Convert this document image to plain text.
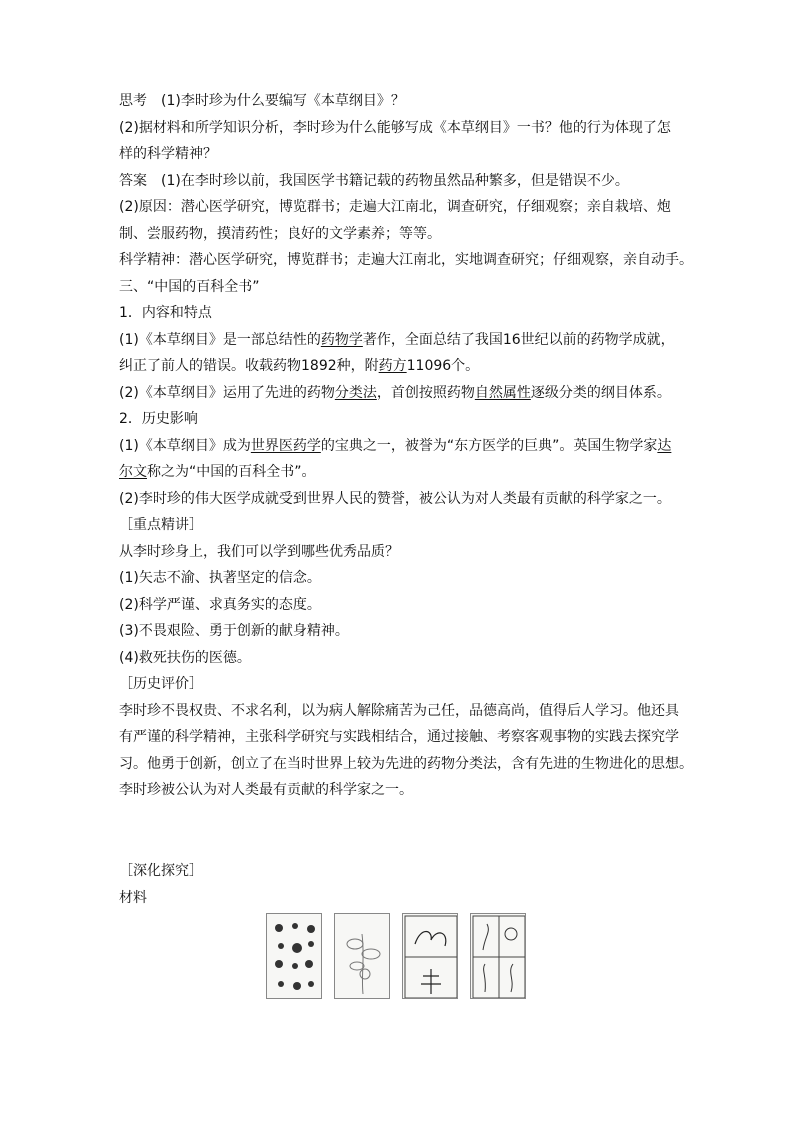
思考　(1)李时珍为什么要编写《本草纲目》？
(2)据材料和所学知识分析，李时珍为什么能够写成《本草纲目》一书？他的行为体现了怎
样的科学精神？
答案　(1)在李时珍以前，我国医学书籍记载的药物虽然品种繁多，但是错误不少。
(2)原因：潜心医学研究，博览群书；走遍大江南北，调查研究，仔细观察；亲自栽培、炮
制、尝服药物，摸清药性；良好的文学素养；等等。
科学精神：潜心医学研究，博览群书；走遍大江南北，实地调查研究；仔细观察，亲自动手。
三、“中国的百科全书”
1．内容和特点
(1)《本草纲目》是一部总结性的药物学著作，全面总结了我国16世纪以前的药物学成就，
纠正了前人的错误。收载药物1892种，附药方11096个。
(2)《本草纲目》运用了先进的药物分类法，首创按照药物自然属性逐级分类的纲目体系。
2．历史影响
(1)《本草纲目》成为世界医药学的宝典之一，被誉为“东方医学的巨典”。英国生物学家达
尔文称之为“中国的百科全书”。
(2)李时珍的伟大医学成就受到世界人民的赞誉，被公认为对人类最有贡献的科学家之一。
［重点精讲］
从李时珍身上，我们可以学到哪些优秀品质？
(1)矢志不渝、执著坚定的信念。
(2)科学严谨、求真务实的态度。
(3)不畏艰险、勇于创新的献身精神。
(4)救死扶伤的医德。
［历史评价］
李时珍不畏权贵、不求名利，以为病人解除痛苦为己任，品德高尚，值得后人学习。他还具
有严谨的科学精神，主张科学研究与实践相结合，通过接触、考察客观事物的实践去探究学
习。他勇于创新，创立了在当时世界上较为先进的药物分类法，含有先进的生物进化的思想。
李时珍被公认为对人类最有贡献的科学家之一。
［深化探究］
材料
